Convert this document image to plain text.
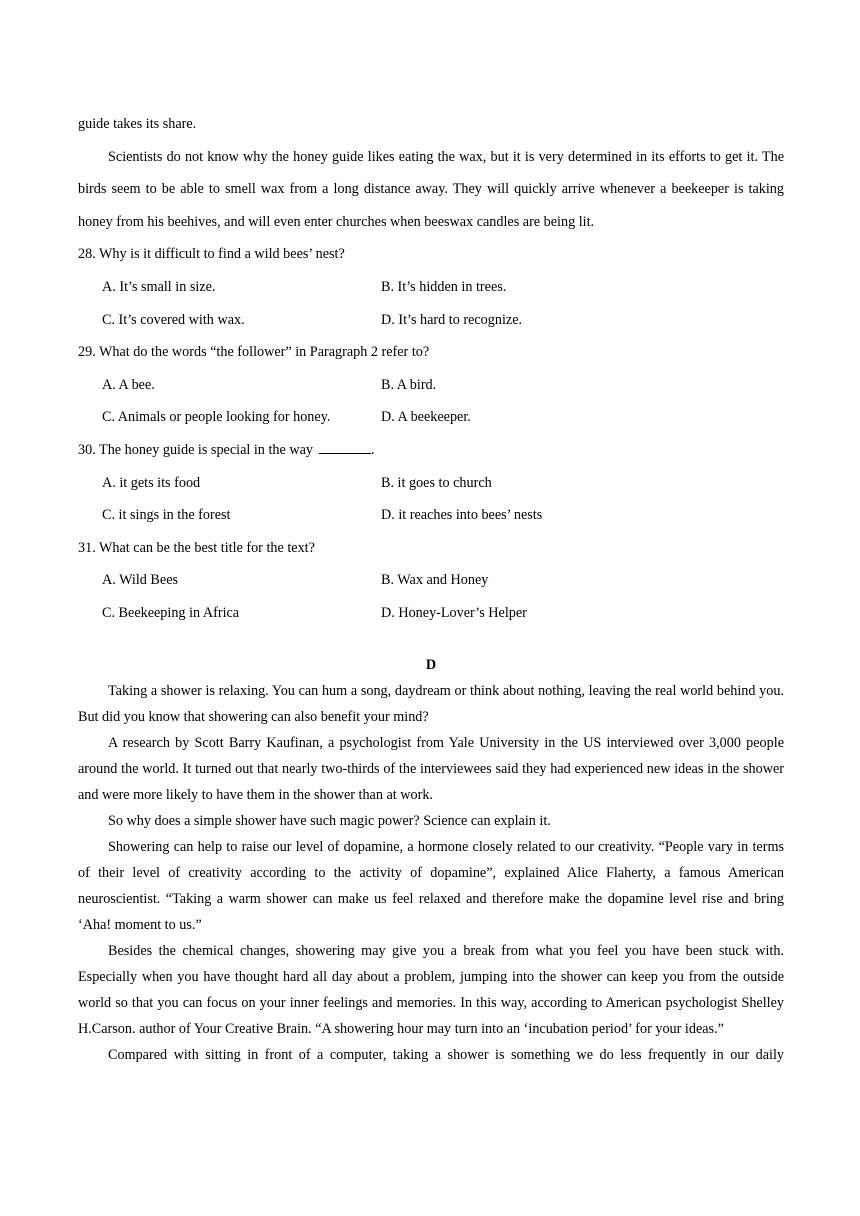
guide takes its share.

Scientists do not know why the honey guide likes eating the wax, but it is very determined in its efforts to get it. The birds seem to be able to smell wax from a long distance away. They will quickly arrive whenever a beekeeper is taking honey from his beehives, and will even enter churches when beeswax candles are being lit.

28. Why is it difficult to find a wild bees’ nest?

A. It’s small in size.	B. It’s hidden in trees.
C. It’s covered with wax.	D. It’s hard to recognize.

29. What do the words “the follower” in Paragraph 2 refer to?

A. A bee.	B. A bird.
C. Animals or people looking for honey.	D. A beekeeper.

30. The honey guide is special in the way	.

A. it gets its food	B. it goes to church
C. it sings in the forest	D. it reaches into bees’ nests

31. What can be the best title for the text?

A. Wild Bees	B. Wax and Honey
C. Beekeeping in Africa	D. Honey-Lover’s Helper

D

Taking a shower is relaxing. You can hum a song, daydream or think about nothing, leaving the real world behind you. But did you know that showering can also benefit your mind?

A research by Scott Barry Kaufinan, a psychologist from Yale University in the US interviewed over 3,000 people around the world. It turned out that nearly two-thirds of the interviewees said they had experienced new ideas in the shower and were more likely to have them in the shower than at work.

So why does a simple shower have such magic power? Science can explain it.

Showering can help to raise our level of dopamine, a hormone closely related to our creativity. “People vary in terms of their level of creativity according to the activity of dopamine”, explained Alice Flaherty, a famous American neuroscientist. “Taking a warm shower can make us feel relaxed and therefore make the dopamine level rise and bring ‘Aha! moment to us.”

Besides the chemical changes, showering may give you a break from what you feel you have been stuck with. Especially when you have thought hard all day about a problem, jumping into the shower can keep you from the outside world so that you can focus on your inner feelings and memories. In this way, according to American psychologist Shelley H.Carson. author of Your Creative Brain. “A showering hour may turn into an ‘incubation period’ for your ideas.”

Compared with sitting in front of a computer, taking a shower is something we do less frequently in our daily
